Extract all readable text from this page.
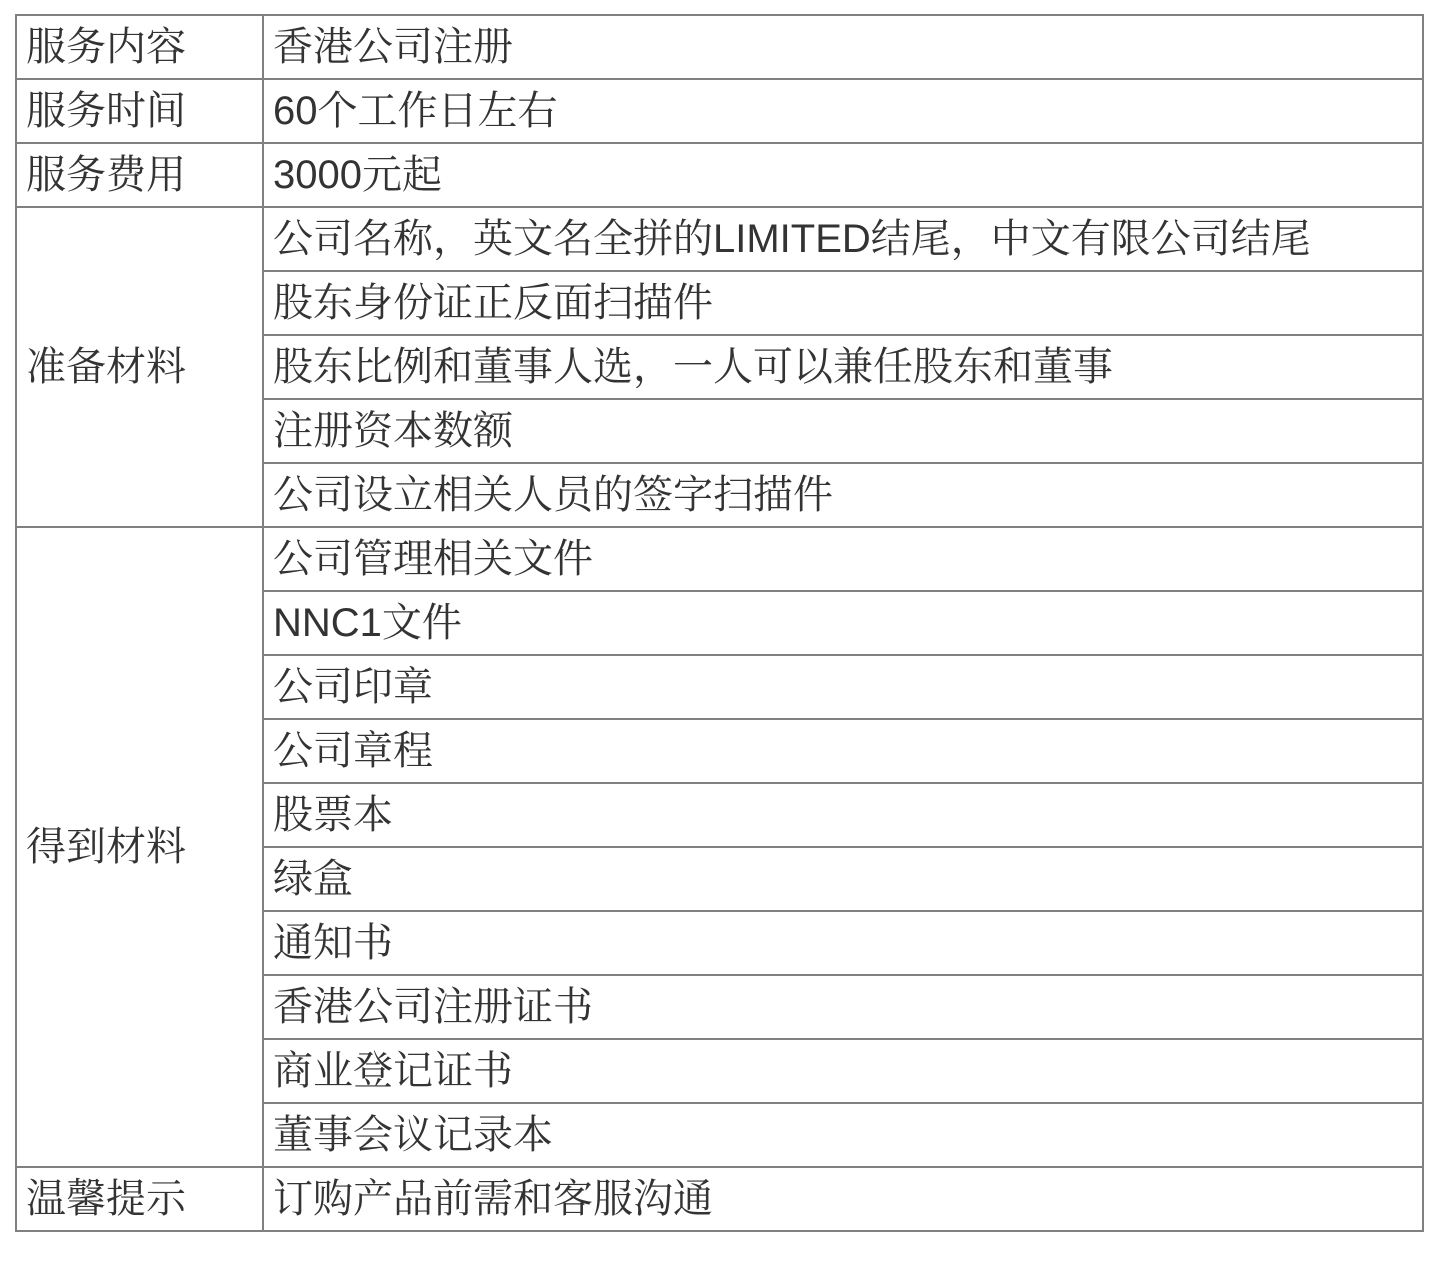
服务内容	香港公司注册
服务时间	60个工作日左右
服务费用	3000元起
准备材料	公司名称，英文名全拼的LIMITED结尾，中文有限公司结尾
	股东身份证正反面扫描件
	股东比例和董事人选，一人可以兼任股东和董事
	注册资本数额
	公司设立相关人员的签字扫描件
得到材料	公司管理相关文件
	NNC1文件
	公司印章
	公司章程
	股票本
	绿盒
	通知书
	香港公司注册证书
	商业登记证书
	董事会议记录本
温馨提示	订购产品前需和客服沟通
